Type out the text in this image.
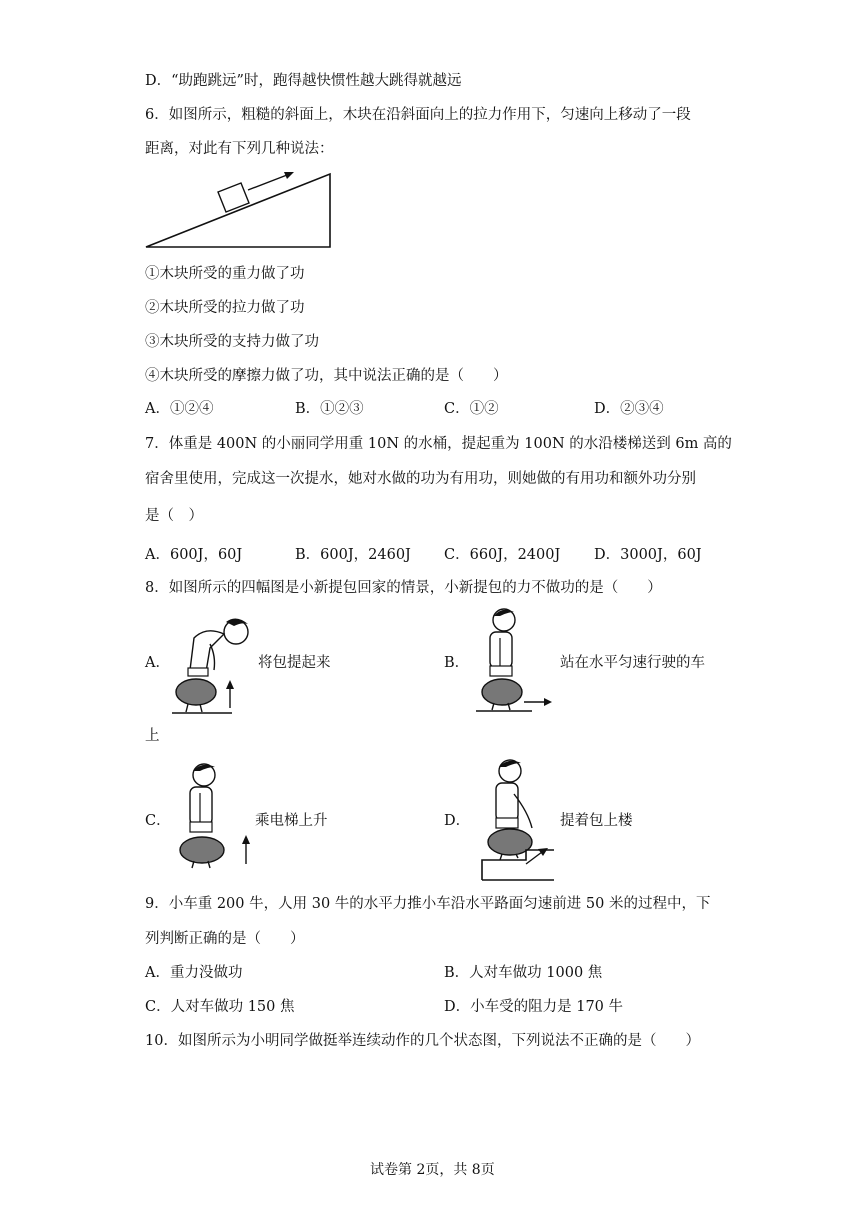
D．“助跑跳远”时，跑得越快惯性越大跳得就越远
6．如图所示，粗糙的斜面上，木块在沿斜面向上的拉力作用下，匀速向上移动了一段
距离，对此有下列几种说法：
①木块所受的重力做了功
②木块所受的拉力做了功
③木块所受的支持力做了功
④木块所受的摩擦力做了功，其中说法正确的是（　　）
A．①②④	B．①②③	C．①②	D．②③④
7．体重是 400N 的小丽同学用重 10N 的水桶，提起重为 100N 的水沿楼梯送到 6m 高的
宿舍里使用，完成这一次提水，她对水做的功为有用功，则她做的有用功和额外功分别
是（　）
A．600J，60J	B．600J，2460J C．660J，2400J D．3000J，60J
8．如图所示的四幅图是小新提包回家的情景，小新提包的力不做功的是（　　）
A．	将包提起来	B．	站在水平匀速行驶的车
上
C．	乘电梯上升	D．	提着包上楼
9．小车重 200 牛，人用 30 牛的水平力推小车沿水平路面匀速前进 50 米的过程中，下
列判断正确的是（　　）
A．重力没做功	B．人对车做功 1000 焦
C．人对车做功 150 焦	D．小车受的阻力是 170 牛
10．如图所示为小明同学做挺举连续动作的几个状态图，下列说法不正确的是（　　）
试卷第 2页，共 8页
